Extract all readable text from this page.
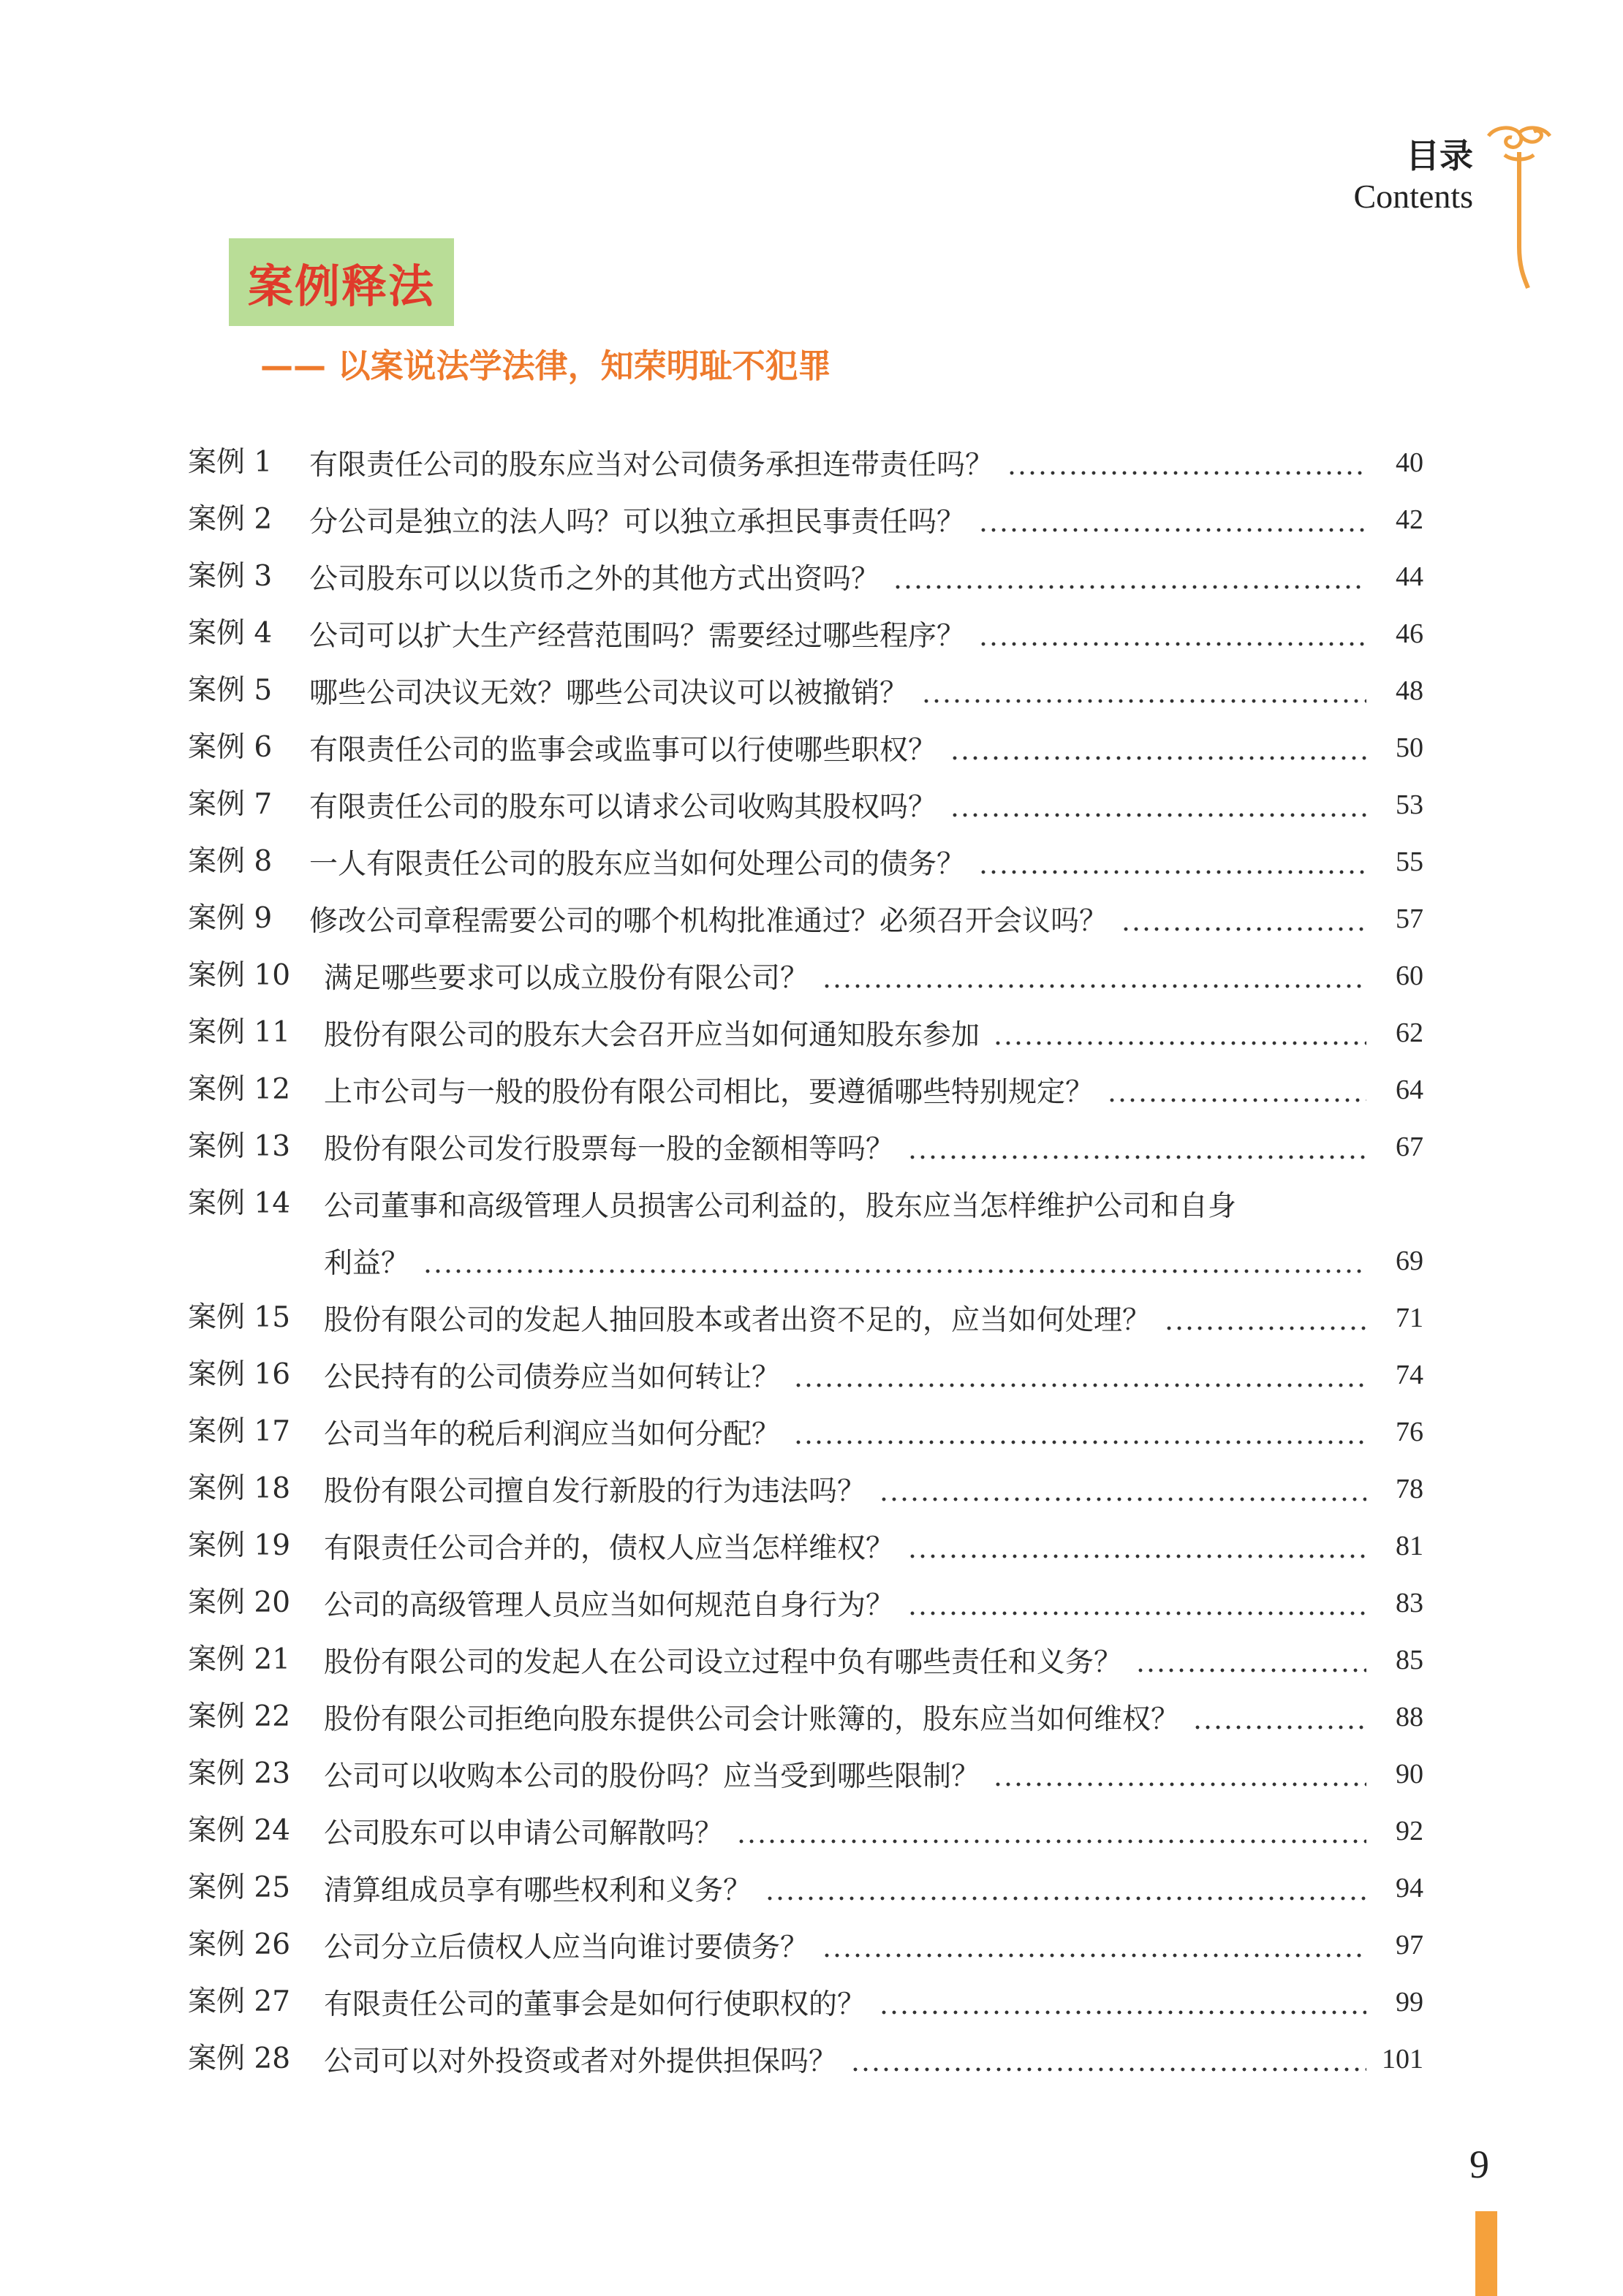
目录
Contents
案例释法
—— 以案说法学法律，知荣明耻不犯罪
案例 1 有限责任公司的股东应当对公司债务承担连带责任吗？	40
案例 2 分公司是独立的法人吗？可以独立承担民事责任吗？	42
案例 3 公司股东可以以货币之外的其他方式出资吗？	44
案例 4 公司可以扩大生产经营范围吗？需要经过哪些程序？	46
案例 5 哪些公司决议无效？哪些公司决议可以被撤销？	48
案例 6 有限责任公司的监事会或监事可以行使哪些职权？	50
案例 7 有限责任公司的股东可以请求公司收购其股权吗？	53
案例 8 一人有限责任公司的股东应当如何处理公司的债务？	55
案例 9 修改公司章程需要公司的哪个机构批准通过？必须召开会议吗？	57
案例 10 满足哪些要求可以成立股份有限公司？	60
案例 11 股份有限公司的股东大会召开应当如何通知股东参加	62
案例 12 上市公司与一般的股份有限公司相比，要遵循哪些特别规定？	64
案例 13 股份有限公司发行股票每一股的金额相等吗？	67
案例 14 公司董事和高级管理人员损害公司利益的，股东应当怎样维护公司和自身
利益？	69
案例 15 股份有限公司的发起人抽回股本或者出资不足的，应当如何处理？	71
案例 16 公民持有的公司债券应当如何转让？	74
案例 17 公司当年的税后利润应当如何分配？	76
案例 18 股份有限公司擅自发行新股的行为违法吗？	78
案例 19 有限责任公司合并的，债权人应当怎样维权？	81
案例 20 公司的高级管理人员应当如何规范自身行为？	83
案例 21 股份有限公司的发起人在公司设立过程中负有哪些责任和义务？	85
案例 22 股份有限公司拒绝向股东提供公司会计账簿的，股东应当如何维权？	88
案例 23 公司可以收购本公司的股份吗？应当受到哪些限制？	90
案例 24 公司股东可以申请公司解散吗？	92
案例 25 清算组成员享有哪些权利和义务？	94
案例 26 公司分立后债权人应当向谁讨要债务？	97
案例 27 有限责任公司的董事会是如何行使职权的？	99
案例 28 公司可以对外投资或者对外提供担保吗？	101
9
